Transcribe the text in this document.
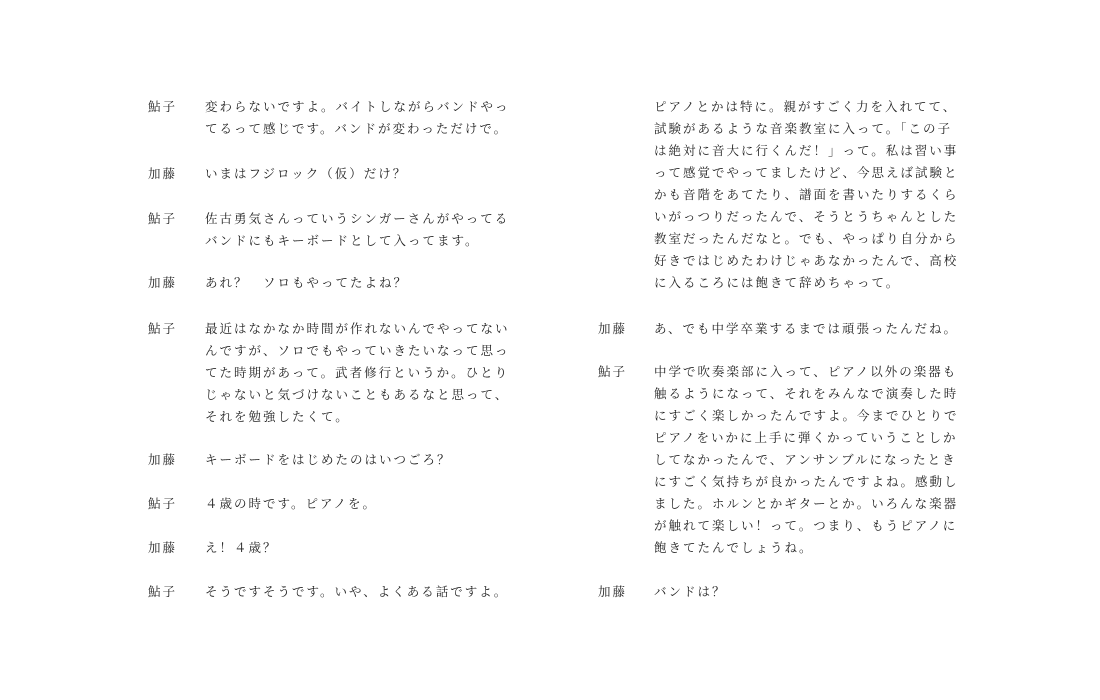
鮎子	変わらないですよ。バイトしながらバンドやっ
てるって感じです。バンドが変わっただけで。
加藤	いまはフジロック（仮）だけ？
鮎子	佐古勇気さんっていうシンガーさんがやってる
バンドにもキーボードとして入ってます。
加藤	あれ？　ソロもやってたよね？
鮎子	最近はなかなか時間が作れないんでやってない
んですが、ソロでもやっていきたいなって思っ
てた時期があって。武者修行というか。ひとり
じゃないと気づけないこともあるなと思って、
それを勉強したくて。
加藤	キーボードをはじめたのはいつごろ？
鮎子	４歳の時です。ピアノを。
加藤	え！４歳？
鮎子	そうですそうです。いや、よくある話ですよ。
ピアノとかは特に。親がすごく力を入れてて、
試験があるような音楽教室に入って。「この子
は絶対に音大に行くんだ！」って。私は習い事
って感覚でやってましたけど、今思えば試験と
かも音階をあてたり、譜面を書いたりするくら
いがっつりだったんで、そうとうちゃんとした
教室だったんだなと。でも、やっぱり自分から
好きではじめたわけじゃあなかったんで、高校
に入るころには飽きて辞めちゃって。
加藤	あ、でも中学卒業するまでは頑張ったんだね。
鮎子	中学で吹奏楽部に入って、ピアノ以外の楽器も
触るようになって、それをみんなで演奏した時
にすごく楽しかったんですよ。今までひとりで
ピアノをいかに上手に弾くかっていうことしか
してなかったんで、アンサンブルになったとき
にすごく気持ちが良かったんですよね。感動し
ました。ホルンとかギターとか。いろんな楽器
が触れて楽しい！って。つまり、もうピアノに
飽きてたんでしょうね。
加藤	バンドは？
